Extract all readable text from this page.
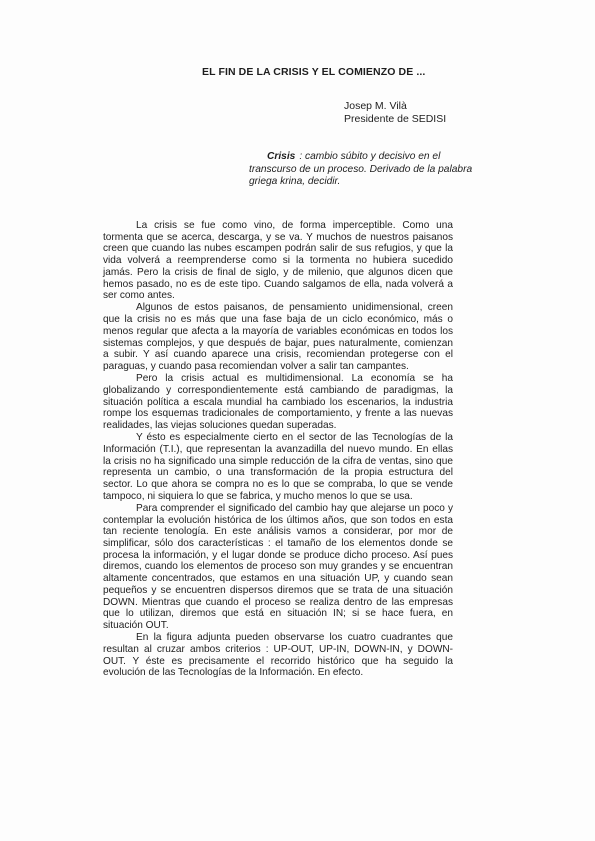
EL FIN DE LA CRISIS Y EL COMIENZO DE ...
Josep M. Vilà
Presidente de SEDISI
Crisis : cambio súbito y decisivo en el transcurso de un proceso. Derivado de la palabra griega krina, decidir.

La crisis se fue como vino, de forma imperceptible. Como una tormenta que se acerca, descarga, y se va. Y muchos de nuestros paisanos creen que cuando las nubes escampen podrán salir de sus refugios, y que la vida volverá a reemprenderse como si la tormenta no hubiera sucedido jamás. Pero la crisis de final de siglo, y de milenio, que algunos dicen que hemos pasado, no es de este tipo. Cuando salgamos de ella, nada volverá a ser como antes.

Algunos de estos paisanos, de pensamiento unidimensional, creen que la crisis no es más que una fase baja de un ciclo económico, más o menos regular que afecta a la mayoría de variables económicas en todos los sistemas complejos, y que después de bajar, pues naturalmente, comienzan a subir. Y así cuando aparece una crisis, recomiendan protegerse con el paraguas, y cuando pasa recomiendan volver a salir tan campantes.

Pero la crisis actual es multidimensional. La economía se ha globalizando y correspondientemente está cambiando de paradigmas, la situación política a escala mundial ha cambiado los escenarios, la industria rompe los esquemas tradicionales de comportamiento, y frente a las nuevas realidades, las viejas soluciones quedan superadas.

Y ésto es especialmente cierto en el sector de las Tecnologías de la Información (T.I.), que representan la avanzadilla del nuevo mundo. En ellas la crisis no ha significado una simple reducción de la cifra de ventas, sino que representa un cambio, o una transformación de la propia estructura del sector. Lo que ahora se compra no es lo que se compraba, lo que se vende tampoco, ni siquiera lo que se fabrica, y mucho menos lo que se usa.

Para comprender el significado del cambio hay que alejarse un poco y contemplar la evolución histórica de los últimos años, que son todos en esta tan reciente tenología. En este análisis vamos a considerar, por mor de simplificar, sólo dos características : el tamaño de los elementos donde se procesa la información, y el lugar donde se produce dicho proceso. Así pues diremos, cuando los elementos de proceso son muy grandes y se encuentran altamente concentrados, que estamos en una situación UP, y cuando sean pequeños y se encuentren dispersos diremos que se trata de una situación DOWN. Mientras que cuando el proceso se realiza dentro de las empresas que lo utilizan, diremos que está en situación IN; si se hace fuera, en situación OUT.

En la figura adjunta pueden observarse los cuatro cuadrantes que resultan al cruzar ambos criterios : UP-OUT, UP-IN, DOWN-IN, y DOWN-OUT. Y éste es precisamente el recorrido histórico que ha seguido la evolución de las Tecnologías de la Información. En efecto.
